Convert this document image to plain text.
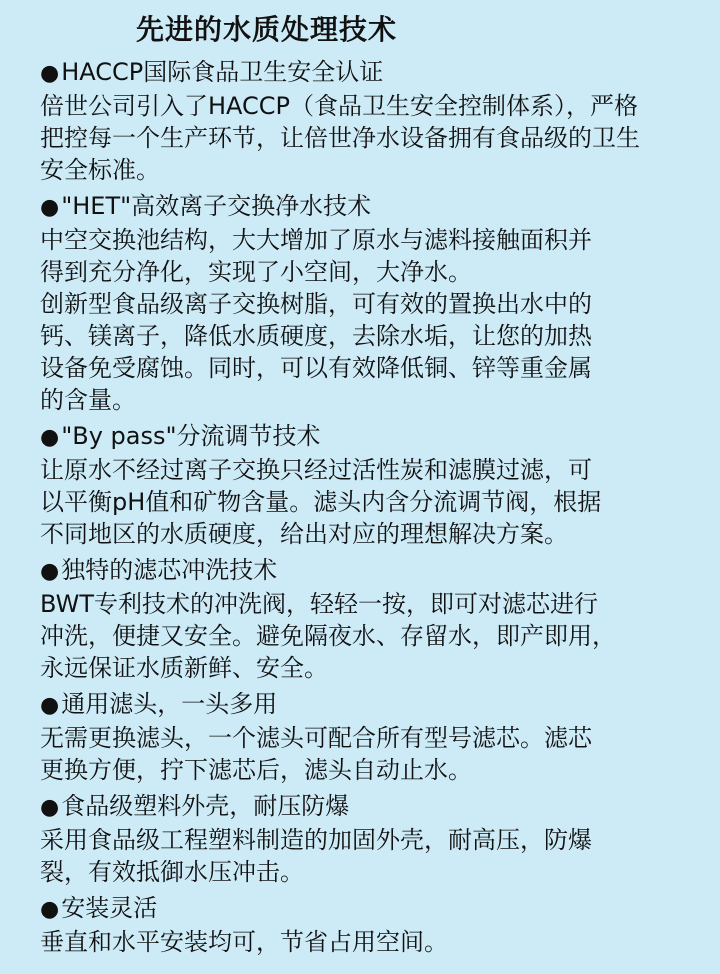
先进的水质处理技术
●HACCP国际食品卫生安全认证
倍世公司引入了HACCP（食品卫生安全控制体系），严格
把控每一个生产环节，让倍世净水设备拥有食品级的卫生
安全标准。
●"HET"高效离子交换净水技术
中空交换池结构，大大增加了原水与滤料接触面积并
得到充分净化，实现了小空间，大净水。
创新型食品级离子交换树脂，可有效的置换出水中的
钙、镁离子，降低水质硬度，去除水垢，让您的加热
设备免受腐蚀。同时，可以有效降低铜、锌等重金属
的含量。
●"By pass"分流调节技术
让原水不经过离子交换只经过活性炭和滤膜过滤，可
以平衡pH值和矿物含量。滤头内含分流调节阀，根据
不同地区的水质硬度，给出对应的理想解决方案。
●独特的滤芯冲洗技术
BWT专利技术的冲洗阀，轻轻一按，即可对滤芯进行
冲洗，便捷又安全。避免隔夜水、存留水，即产即用，
永远保证水质新鲜、安全。
●通用滤头，一头多用
无需更换滤头，一个滤头可配合所有型号滤芯。滤芯
更换方便，拧下滤芯后，滤头自动止水。
●食品级塑料外壳，耐压防爆
采用食品级工程塑料制造的加固外壳，耐高压，防爆
裂，有效抵御水压冲击。
●安装灵活
垂直和水平安装均可，节省占用空间。
